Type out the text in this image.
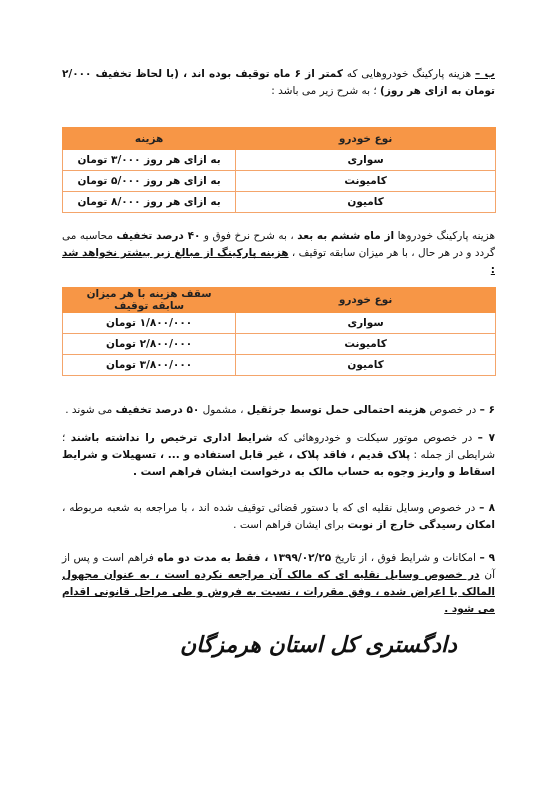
ب – هزینه پارکینگ خودروهایی که کمتر از ۶ ماه توقیف بوده اند ، (با لحاظ تخفیف ۲/۰۰۰ تومان به ازای هر روز) ؛ به شرح زیر می باشد :
نوع خودرو	هزینه
سواری	به ازای هر روز ۳/۰۰۰ تومان
کامیونت	به ازای هر روز ۵/۰۰۰ تومان
کامیون	به ازای هر روز ۸/۰۰۰ تومان
هزینه پارکینگ خودروها از ماه ششم به بعد ، به شرح نرخ فوق و ۴۰ درصد تخفیف محاسبه می گردد و در هر حال ، با هر میزان سابقه توقیف ، هزینه پارکینگ از مبالغ زیر بیشتر نخواهد شد :
نوع خودرو	سقف هزینه با هر میزان سابقه توقیف
سواری	۱/۸۰۰/۰۰۰ تومان
کامیونت	۲/۸۰۰/۰۰۰ تومان
کامیون	۳/۸۰۰/۰۰۰ تومان
۶ – در خصوص هزینه احتمالی حمل توسط جرثقیل ، مشمول ۵۰ درصد تخفیف می شوند .
۷ – در خصوص موتور سیکلت و خودروهائی که شرایط اداری ترخیص را نداشته باشند ؛ شرایطی از جمله : پلاک قدیم ، فاقد پلاک ، غیر قابل استفاده و ... ، تسهیلات و شرایط اسقاط و واریز وجوه به حساب مالک به درخواست ایشان فراهم است .
۸ – در خصوص وسایل نقلیه ای که با دستور قضائی توقیف شده اند ، با مراجعه به شعبه مربوطه ، امکان رسیدگی خارج از نوبت برای ایشان فراهم است .
۹ – امکانات و شرایط فوق ، از تاریخ ۱۳۹۹/۰۲/۲۵ ، فقط به مدت دو ماه فراهم است و پس از آن در خصوص وسایل نقلیه ای که مالک آن مراجعه نکرده است ، به عنوان مجهول المالک یا اعراض شده ، وفق مقررات ، نسبت به فروش و طی مراحل قانونی اقدام می شود .
دادگستری کل استان هرمزگان
